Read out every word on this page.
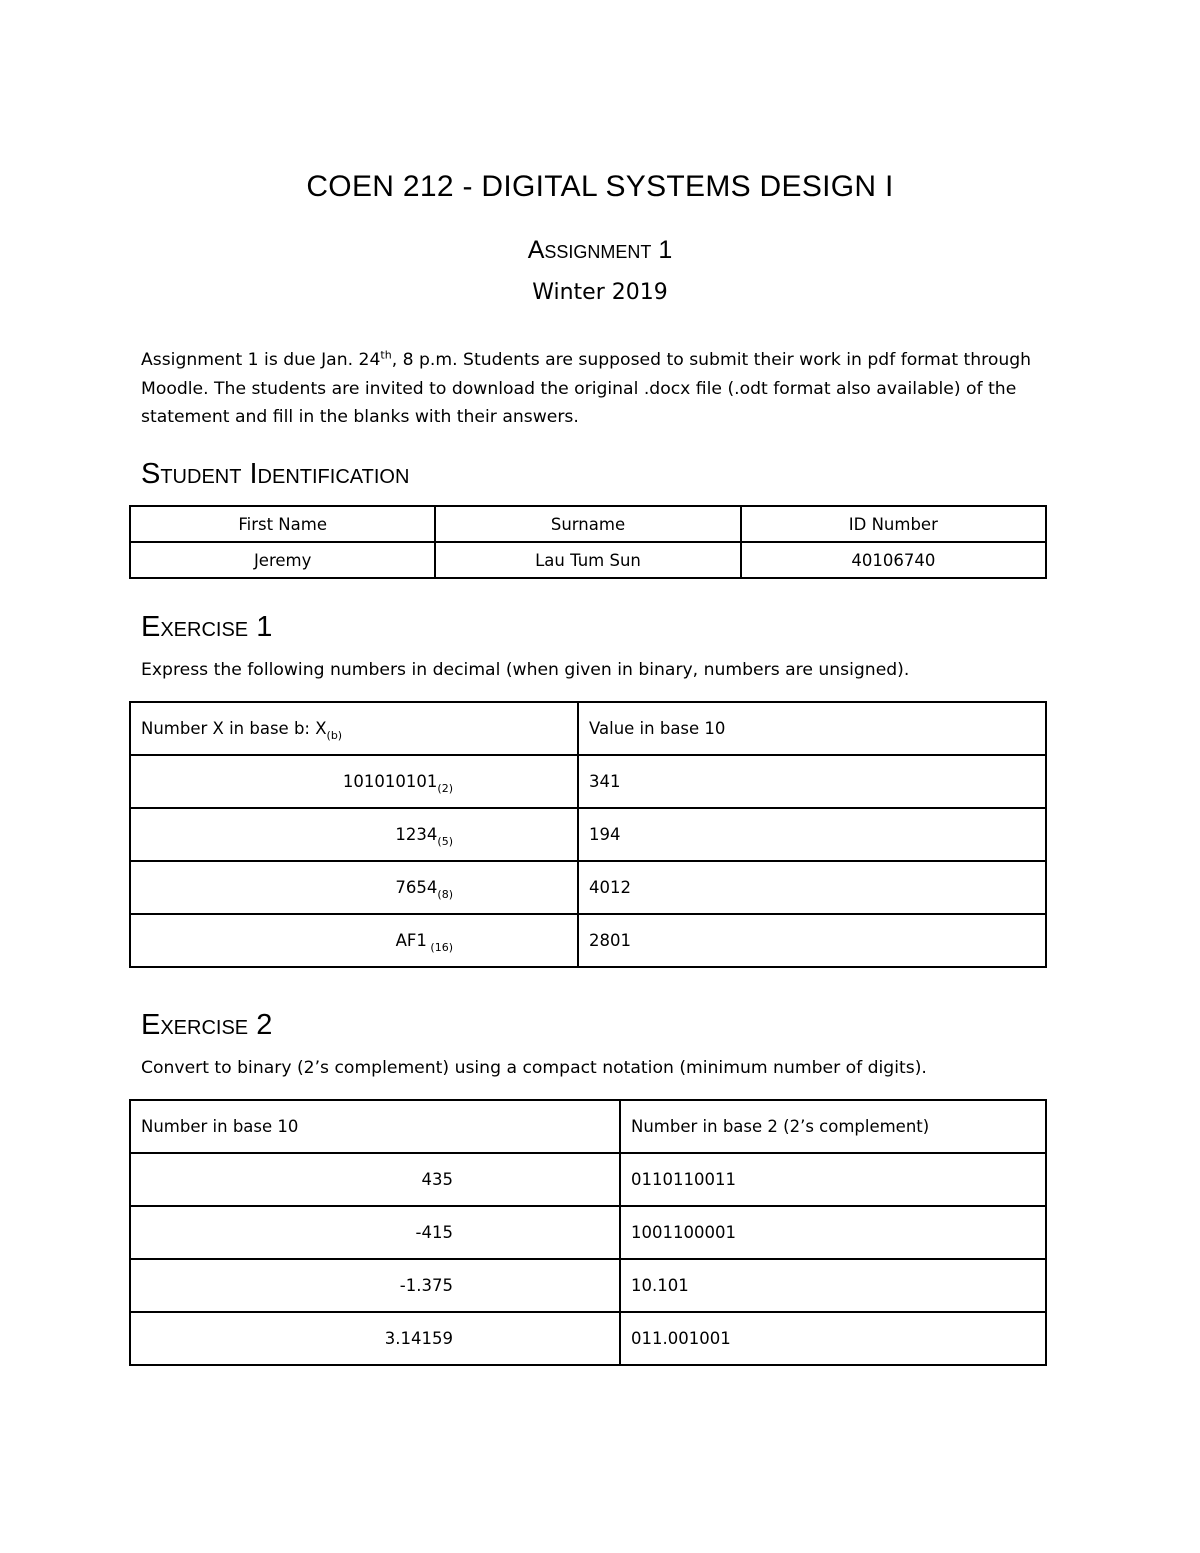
COEN 212 - DIGITAL SYSTEMS DESIGN I
Assignment 1
Winter 2019
Assignment 1 is due Jan. 24th, 8 p.m. Students are supposed to submit their work in pdf format through Moodle. The students are invited to download the original .docx file (.odt format also available) of the statement and fill in the blanks with their answers.
Student Identification
First Name	Surname	ID Number
Jeremy	Lau Tum Sun	40106740
Exercise 1
Express the following numbers in decimal (when given in binary, numbers are unsigned).
Number X in base b: $X_{(b)}$	Value in base 10
$101010101_{(2)}$	341
$1234_{(5)}$	194
$7654_{(8)}$	4012
AF1 $_{(16)}$	2801
Exercise 2
Convert to binary (2’s complement) using a compact notation (minimum number of digits).
Number in base 10	Number in base 2 (2’s complement)
435	0110110011
-415	1001100001
-1.375	10.101
3.14159	011.001001
